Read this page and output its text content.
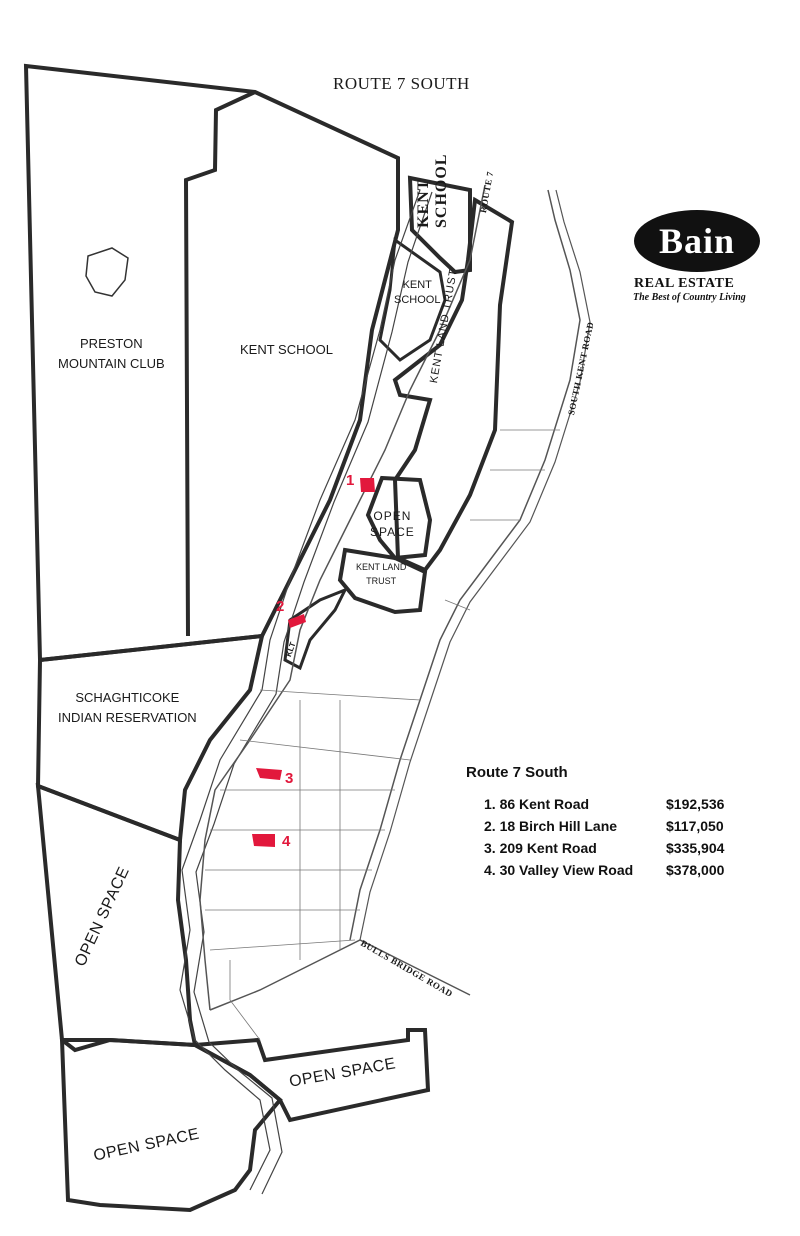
ROUTE 7 SOUTH
PRESTON
MOUNTAIN CLUB
KENT SCHOOL
KENT
SCHOOL
KENT SCHOOL
KENT LAND TRUST
OPEN
SPACE
KENT LAND
TRUST
KLT
SCHAGHTICOKE
INDIAN RESERVATION
OPEN SPACE
OPEN SPACE
OPEN SPACE
ROUTE 7
SOUTH KENT ROAD
BULLS BRIDGE ROAD
1
2
3
4
Bain
REAL ESTATE
The Best of Country Living
Route 7 South
1. 86 Kent Road	$192,536
2. 18 Birch Hill Lane	$117,050
3. 209 Kent Road	$335,904
4. 30 Valley View Road	$378,000
